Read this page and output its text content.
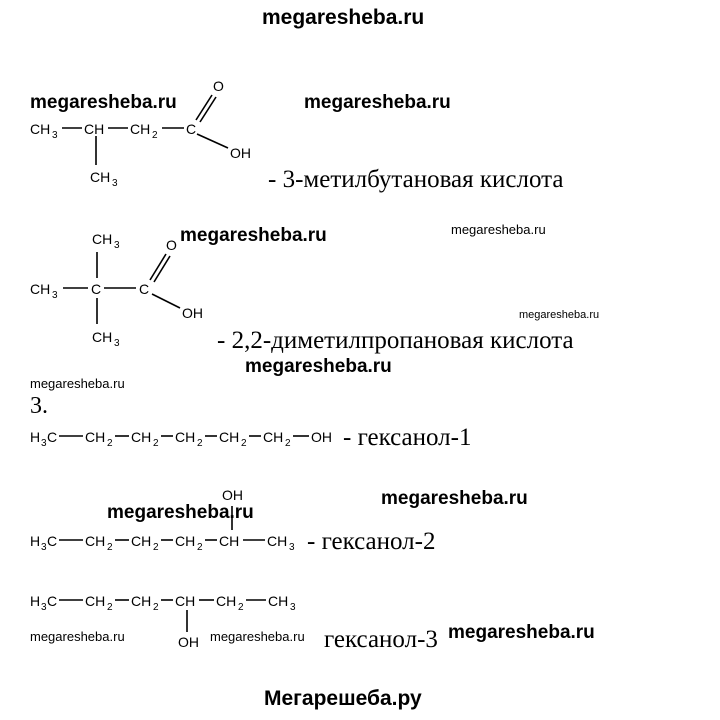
megaresheba.ru
CH 3 CH CH 2 C
CH 3
O
OH
CH 3 C	C
CH 3
CH 3
O
OH
H 3 C CH 2 CH 2 CH 2 CH 2 CH 2 OH
H 3 C CH 2 CH 2 CH 2 CH CH 3
OH
H 3 C CH 2 CH 2 CH CH 2 CH 3
OH
megaresheba.ru	megaresheba.ru
megaresheba.ru	megaresheba.ru
megaresheba.ru
megaresheba.ru
megaresheba.ru
megaresheba.ru
megaresheba.ru
megaresheba.ru	megaresheba.ru	megaresheba.ru
- 3-метилбутановая кислота
- 2,2-диметилпропановая кислота
3.
- гексанол-1
- гексанол-2
гексанол-3
Мегарешеба.ру
